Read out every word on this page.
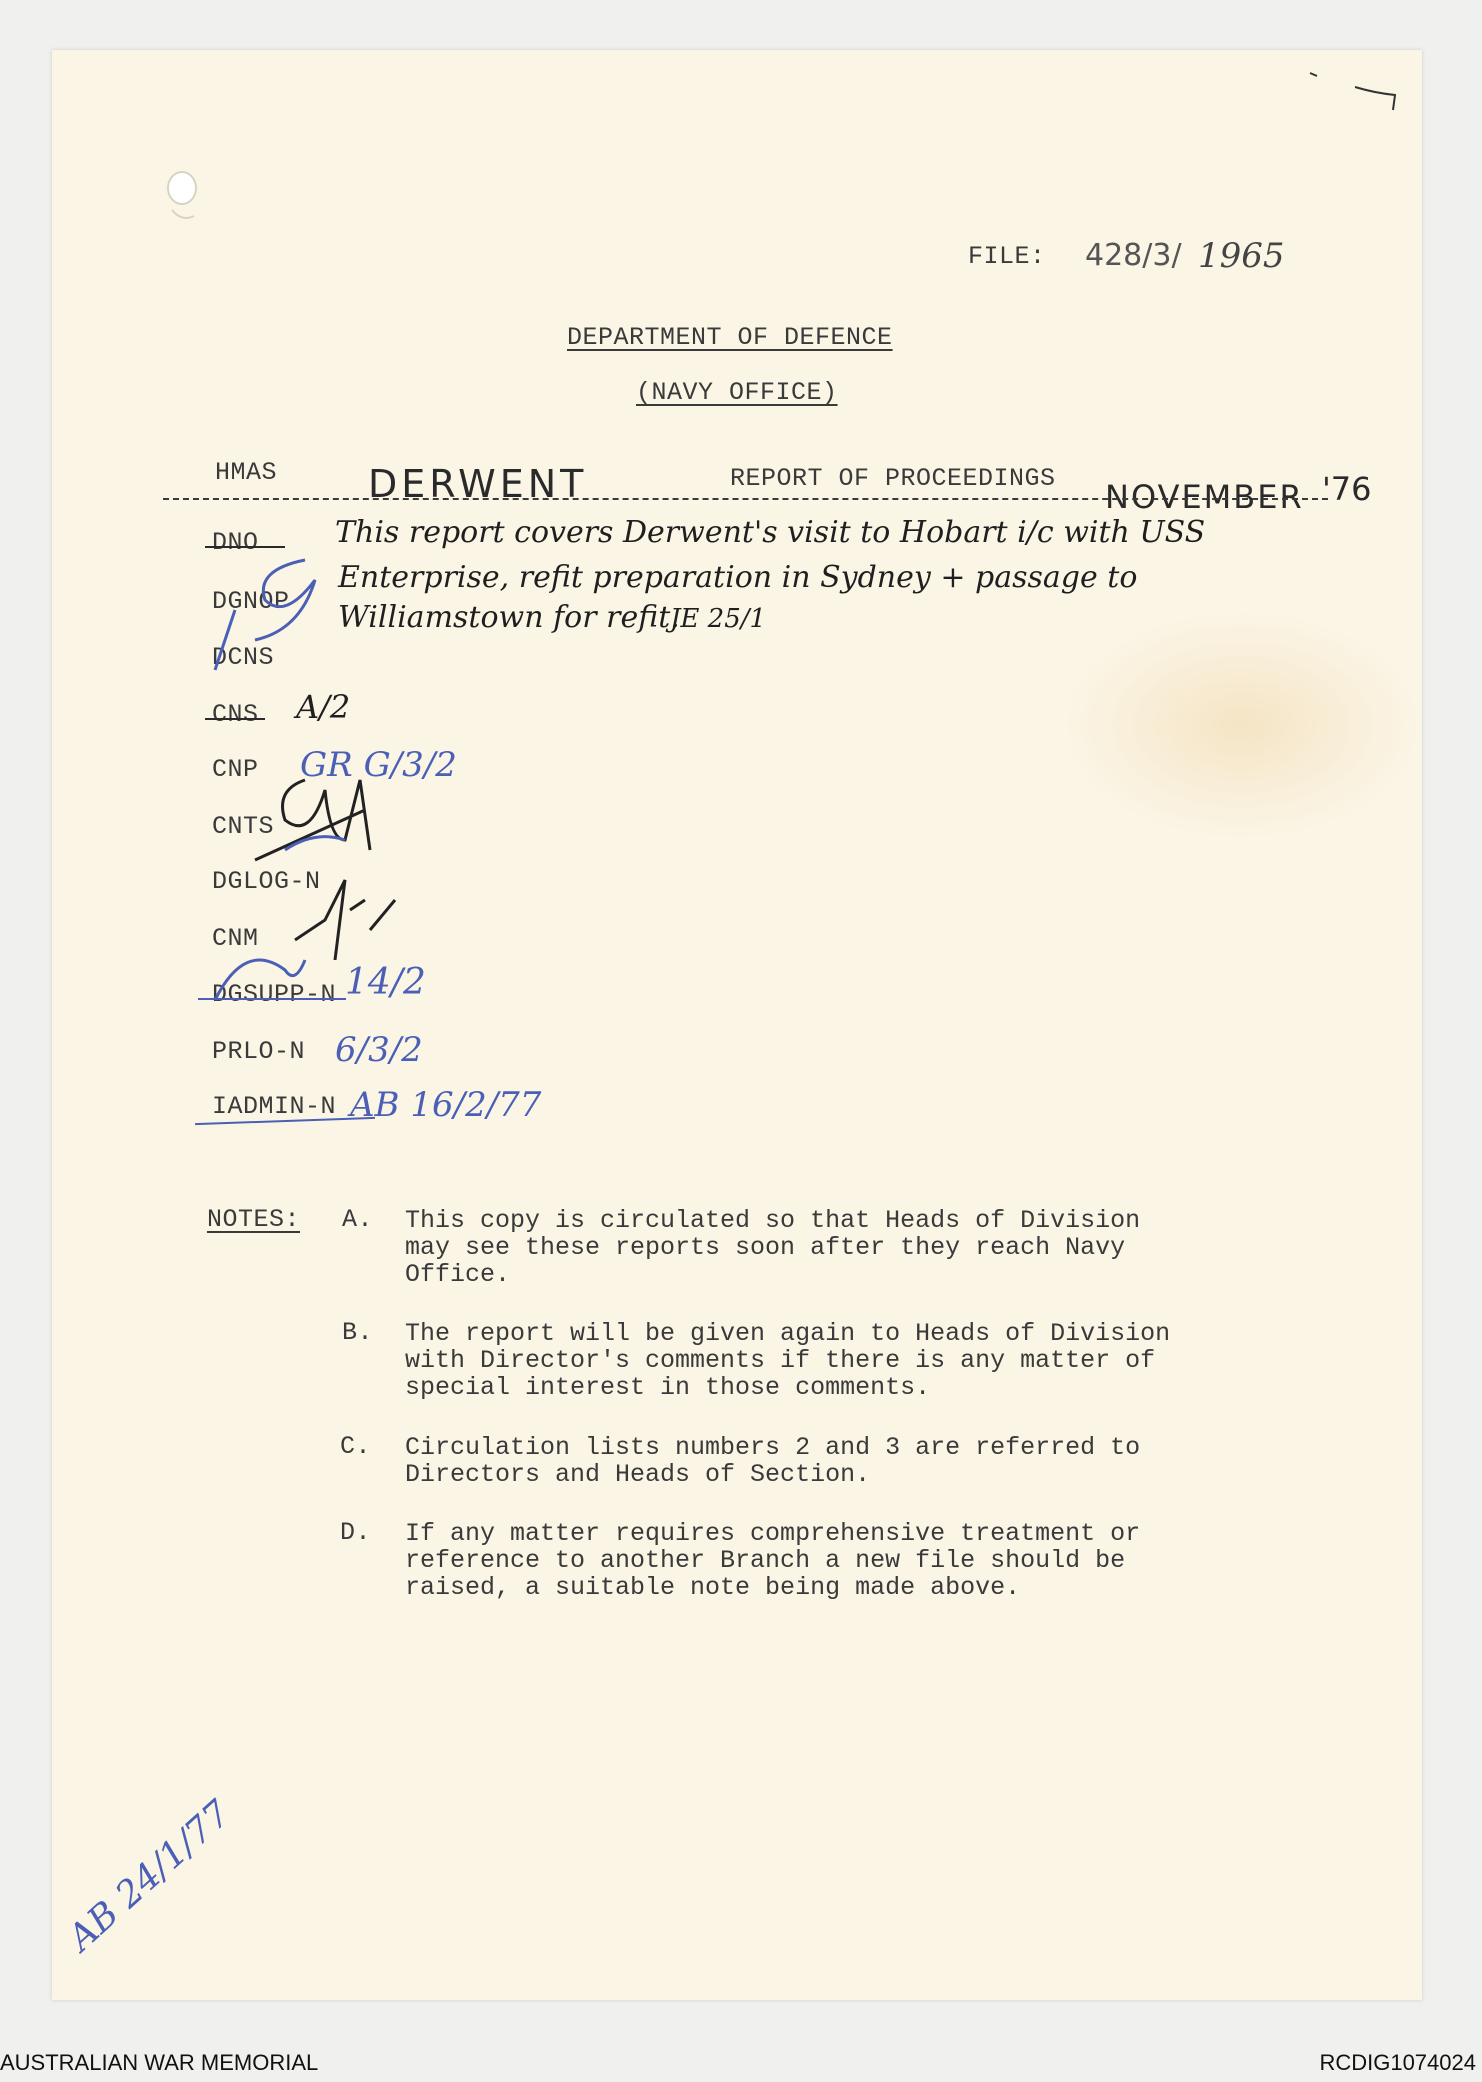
FILE: 428/3/ 1965
DEPARTMENT OF DEFENCE
(NAVY OFFICE)
HMAS DERWENT	REPORT OF PROCEEDINGS NOVEMBER '76
This report covers Derwent's visit to Hobart i/c with USS
Enterprise, refit preparation in Sydney + passage to
Williamstown for refit.
JE 25/1
DNO
DGNOP
DCNS
CNS
CNP
CNTS
DGLOG-N
CNM
DGSUPP-N
PRLO-N
IADMIN-N
A/2
GR G/3/2
14/2
6/3/2
AB 16/2/77
NOTES: A. This copy is circulated so that Heads of Division
may see these reports soon after they reach Navy
Office.
B. The report will be given again to Heads of Division
with Director's comments if there is any matter of
special interest in those comments.
C. Circulation lists numbers 2 and 3 are referred to
Directors and Heads of Section.
D. If any matter requires comprehensive treatment or
reference to another Branch a new file should be
raised, a suitable note being made above.
AB 24/1/77
AUSTRALIAN WAR MEMORIAL	RCDIG1074024
